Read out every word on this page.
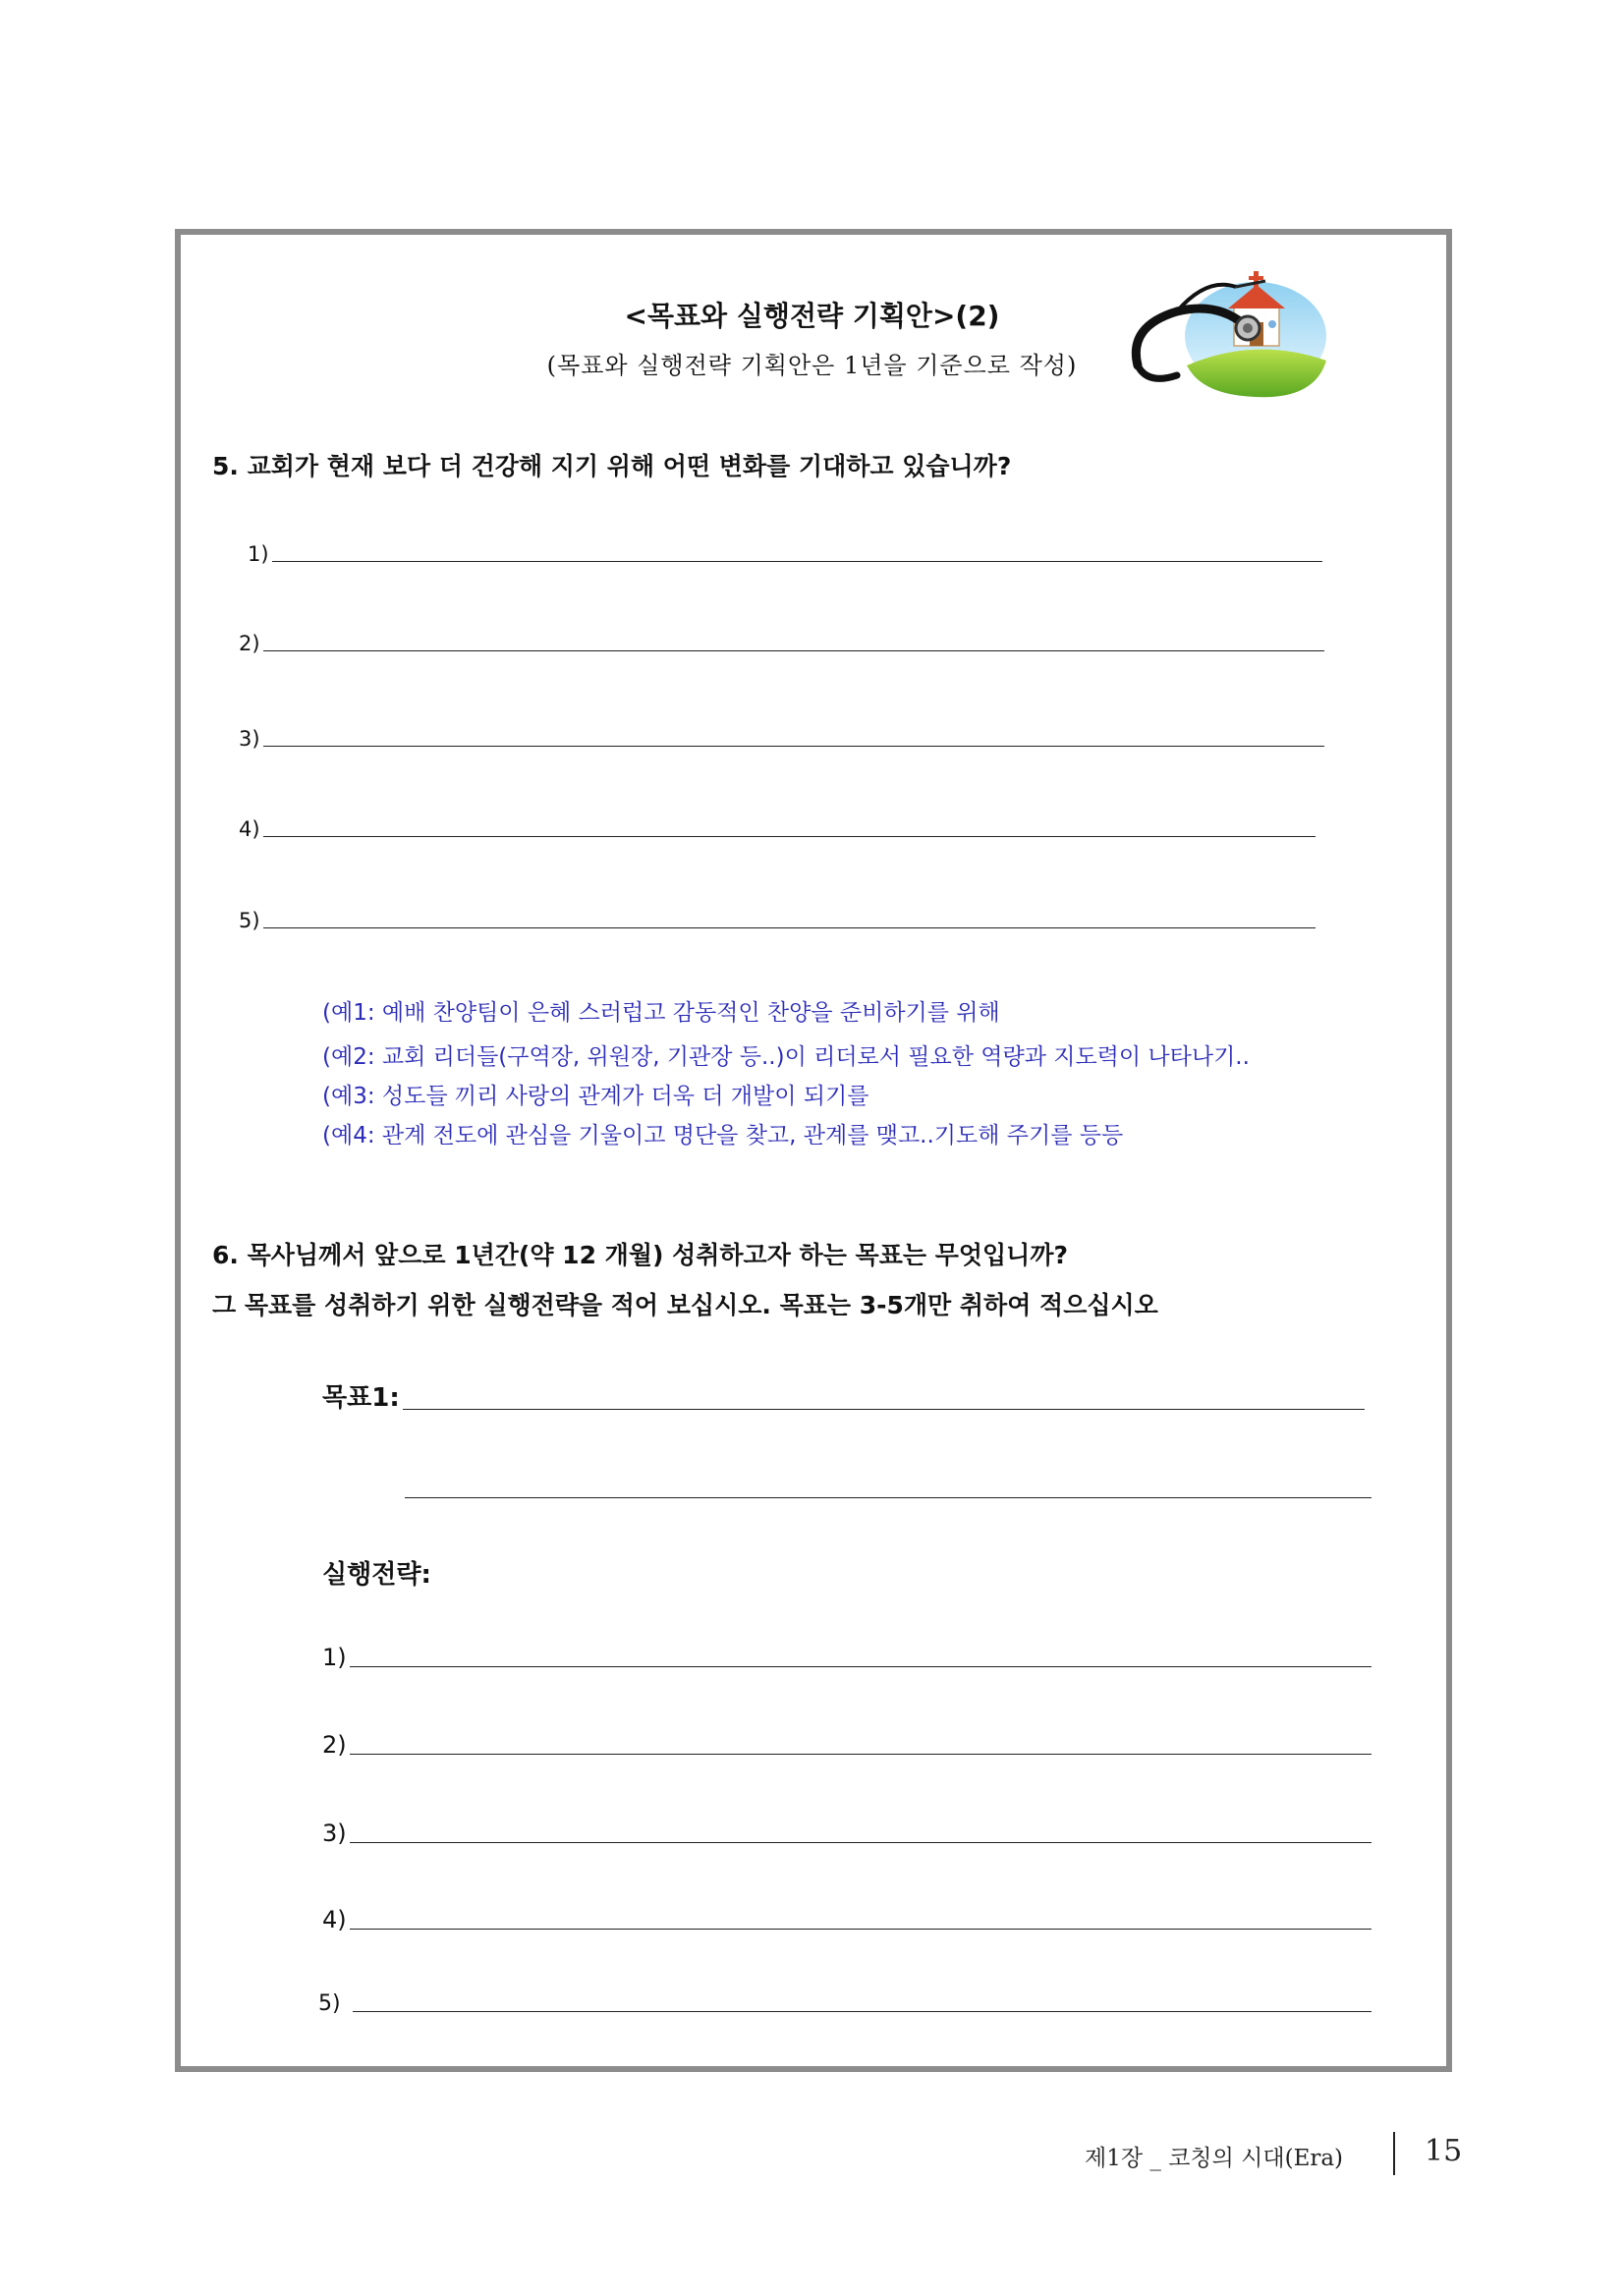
<목표와 실행전략 기획안>(2)
(목표와 실행전략 기획안은 1년을 기준으로 작성)
5. 교회가 현재 보다 더 건강해 지기 위해 어떤 변화를 기대하고 있습니까?
1)
2)
3)
4)
5)
(예1: 예배 찬양팀이 은혜 스러럽고 감동적인 찬양을 준비하기를 위해
(예2: 교회 리더들(구역장, 위원장, 기관장 등..)이 리더로서 필요한 역량과 지도력이 나타나기..
(예3: 성도들 끼리 사랑의 관계가 더욱 더 개발이 되기를
(예4: 관계 전도에 관심을 기울이고 명단을 찾고, 관계를 맺고..기도해 주기를 등등
6. 목사님께서 앞으로 1년간(약 12 개월) 성취하고자 하는 목표는 무엇입니까?
그 목표를 성취하기 위한 실행전략을 적어 보십시오. 목표는 3-5개만 취하여 적으십시오
목표1:
실행전략:
1)
2)
3)
4)
5)
제1장 _ 코칭의 시대(Era)	15
